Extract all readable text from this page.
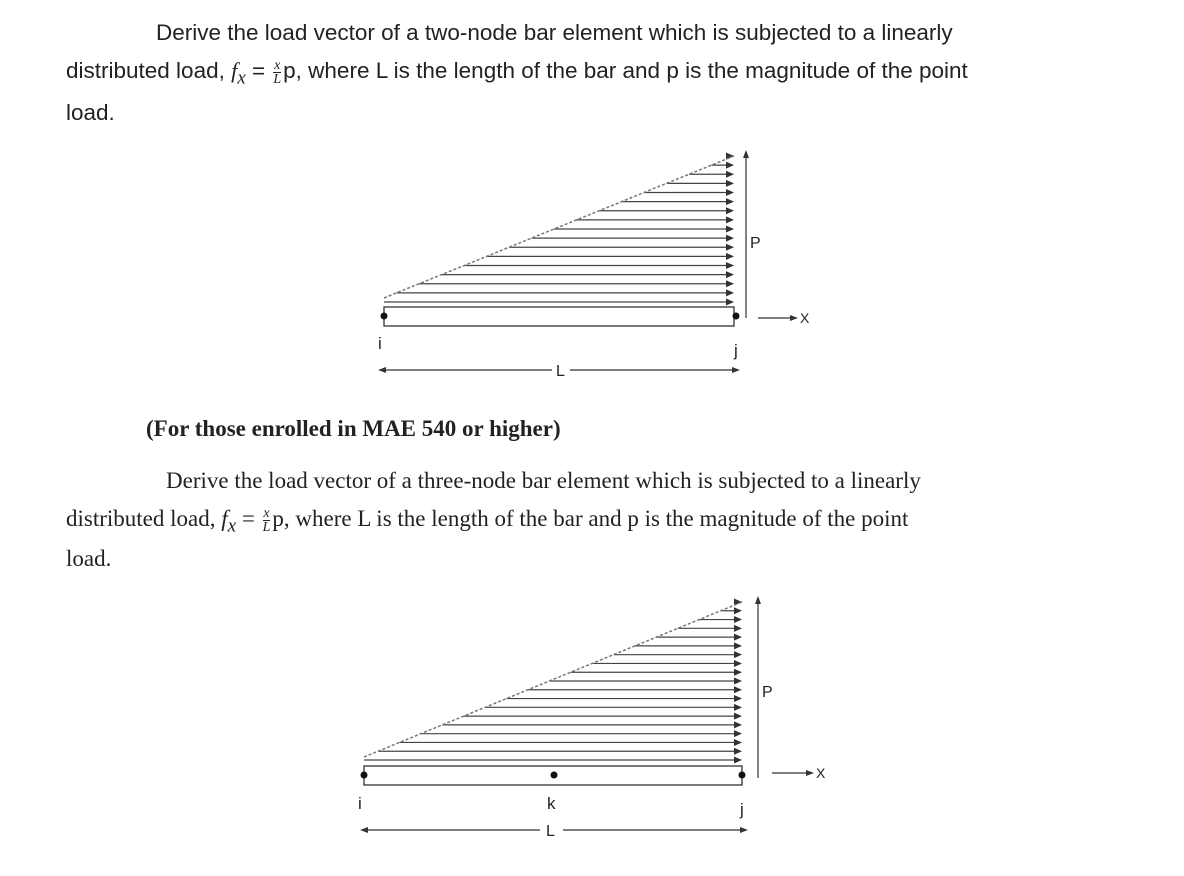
Derive the load vector of a two-node bar element which is subjected to a linearly
distributed load, $f_x = \frac{x}{L} p$, where L is the length of the bar and p is the magnitude of the point
load.
P
X
i	j
L
(For those enrolled in MAE 540 or higher)
Derive the load vector of a three-node bar element which is subjected to a linearly
distributed load, $f_x = \frac{x}{L} p$, where L is the length of the bar and p is the magnitude of the point
load.
P
X
i	k	j
L
